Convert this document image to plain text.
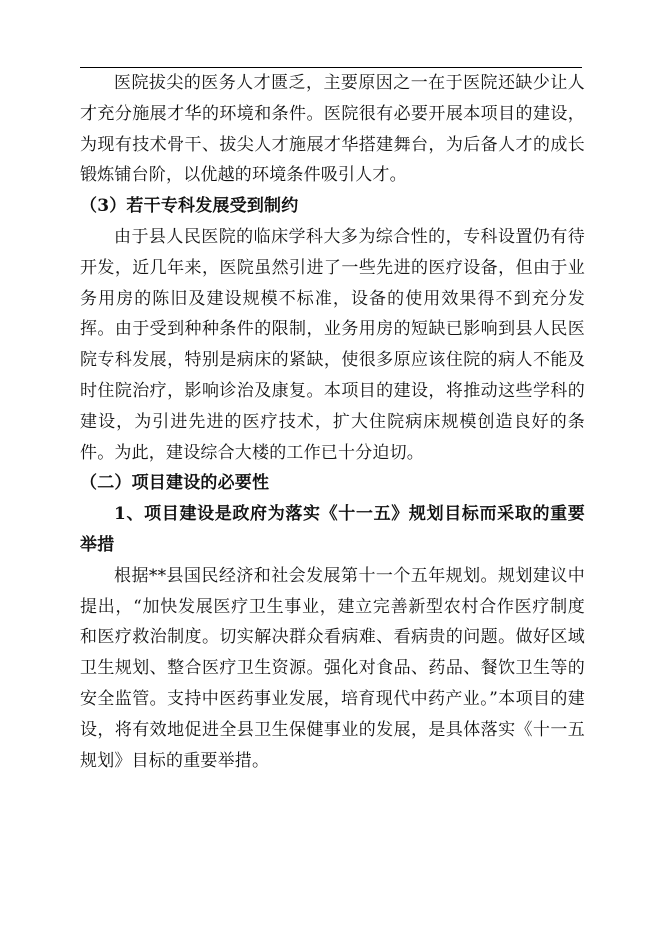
医院拔尖的医务人才匮乏，主要原因之一在于医院还缺少让人才充分施展才华的环境和条件。医院很有必要开展本项目的建设，为现有技术骨干、拔尖人才施展才华搭建舞台，为后备人才的成长锻炼铺台阶，以优越的环境条件吸引人才。

（3）若干专科发展受到制约

由于县人民医院的临床学科大多为综合性的，专科设置仍有待开发，近几年来，医院虽然引进了一些先进的医疗设备，但由于业务用房的陈旧及建设规模不标准，设备的使用效果得不到充分发挥。由于受到种种条件的限制，业务用房的短缺已影响到县人民医院专科发展，特别是病床的紧缺，使很多原应该住院的病人不能及时住院治疗，影响诊治及康复。本项目的建设，将推动这些学科的建设，为引进先进的医疗技术，扩大住院病床规模创造良好的条件。为此，建设综合大楼的工作已十分迫切。

（二）项目建设的必要性

1、项目建设是政府为落实《十一五》规划目标而采取的重要举措

根据**县国民经济和社会发展第十一个五年规划。规划建议中提出，“加快发展医疗卫生事业，建立完善新型农村合作医疗制度和医疗救治制度。切实解决群众看病难、看病贵的问题。做好区域卫生规划、整合医疗卫生资源。强化对食品、药品、餐饮卫生等的安全监管。支持中医药事业发展，培育现代中药产业。”本项目的建设，将有效地促进全县卫生保健事业的发展，是具体落实《十一五规划》目标的重要举措。
